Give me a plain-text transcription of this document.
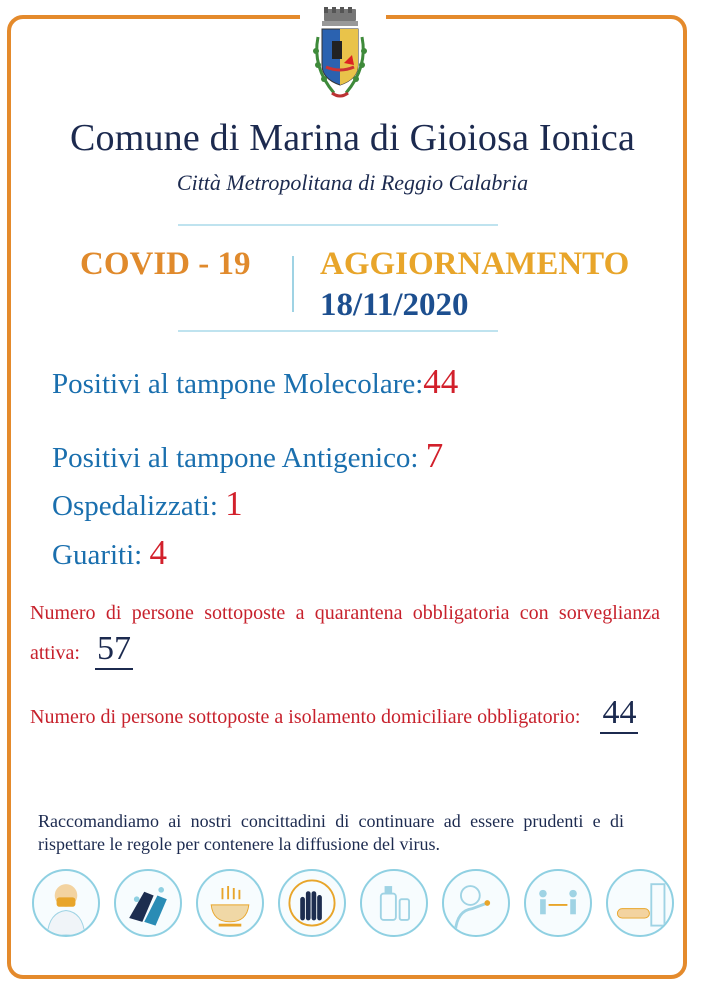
Comune di Marina di Gioiosa Ionica
Città Metropolitana di Reggio Calabria
COVID - 19 AGGIORNAMENTO
18/11/2020
Positivi al tampone Molecolare:44
Positivi al tampone Antigenico: 7
Ospedalizzati: 1
Guariti: 4
Numero di persone sottoposte a quarantena obbligatoria con sorveglianza attiva: 57
Numero di persone sottoposte a isolamento domiciliare obbligatorio: 44
Raccomandiamo ai nostri concittadini di continuare ad essere prudenti e di rispettare le regole per contenere la diffusione del virus.
